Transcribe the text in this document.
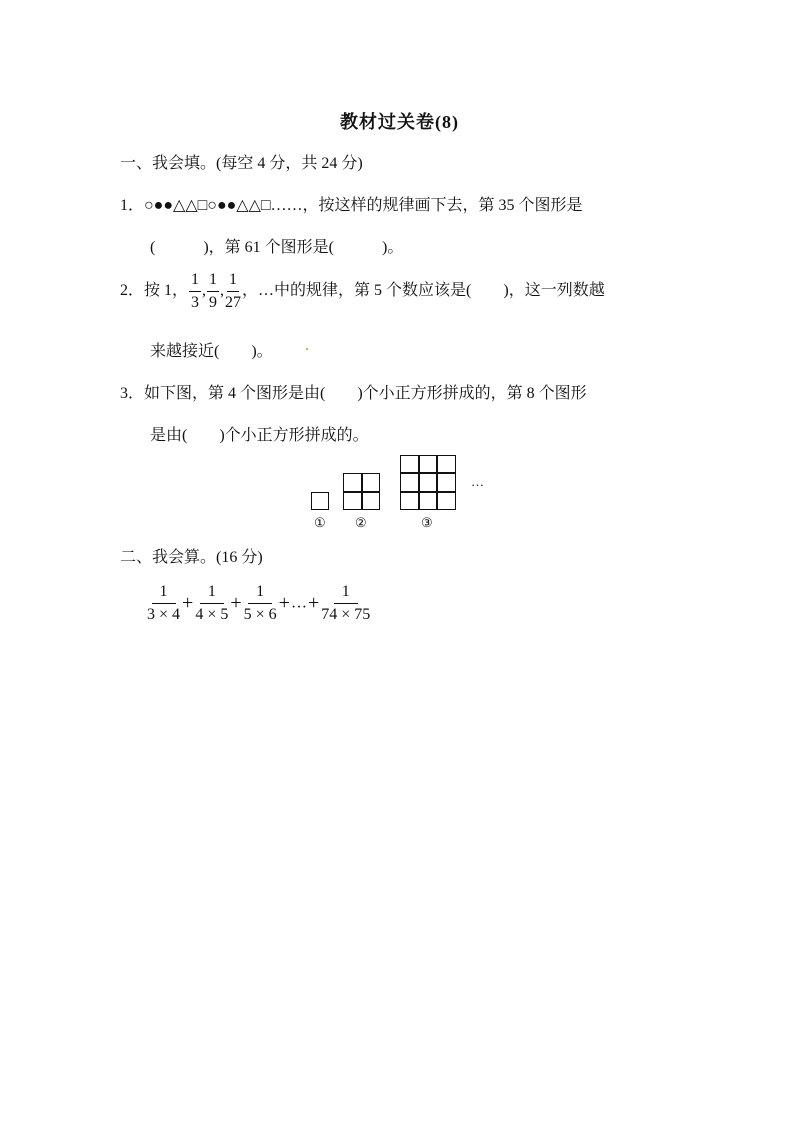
教材过关卷(8)
一、我会填。(每空 4 分，共 24 分)
1．○●●△△□○●●△△□……，按这样的规律画下去，第 35 个图形是
(　　　)，第 61 个图形是(　　　)。
2．按 1， $\frac{1}{3}$ , $\frac{1}{9}$ , $\frac{1}{27}$ ，…中的规律，第 5 个数应该是(　　)，这一列数越
来越接近(　　)。
3．如下图，第 4 个图形是由(　　)个小正方形拼成的，第 8 个图形
是由(　　)个小正方形拼成的。
① ②	③
…
二、我会算。(16 分)
$\frac{1}{3 \times 4} + \frac{1}{4 \times 5} + \frac{1}{5 \times 6}$ +…+ $\frac{1}{74 \times 75}$
